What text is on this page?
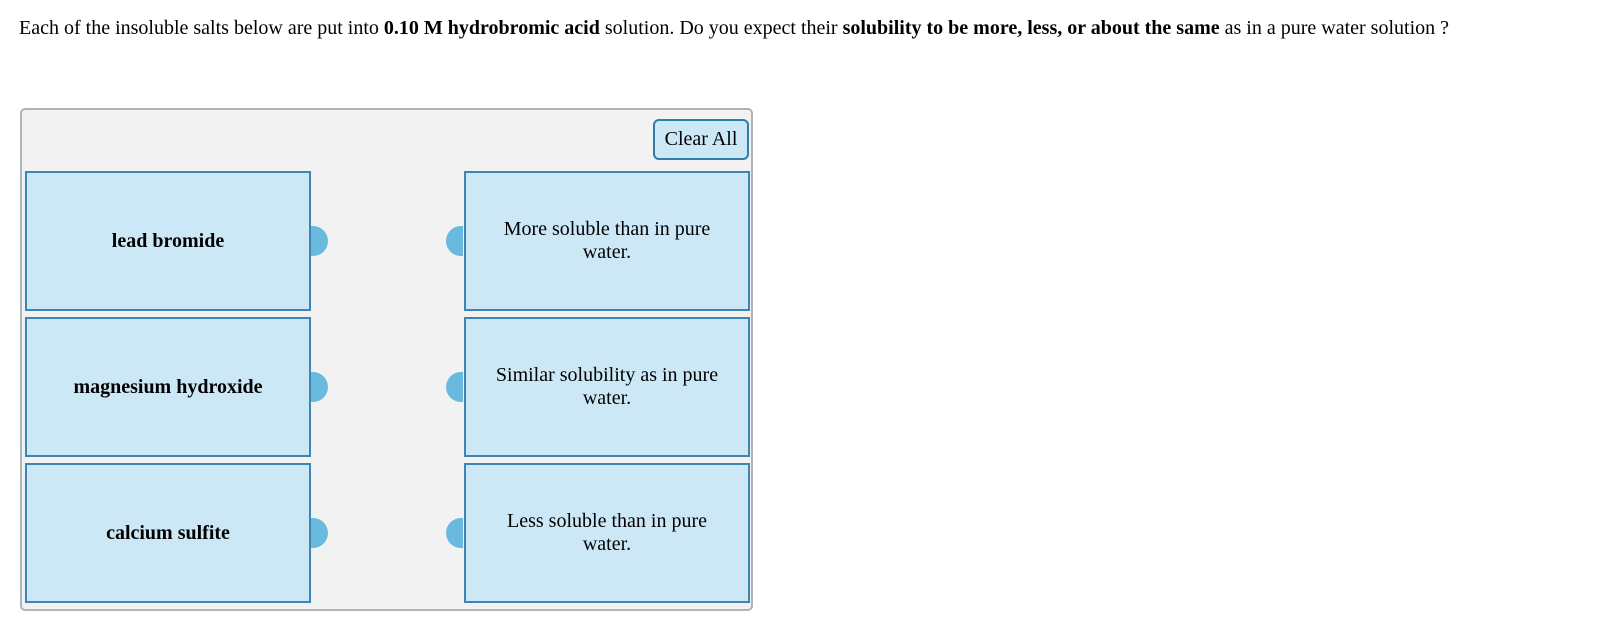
Each of the insoluble salts below are put into 0.10 M hydrobromic acid solution. Do you expect their solubility to be more, less, or about the same as in a pure water solution ?
Clear All
lead bromide
magnesium hydroxide
calcium sulfite
More soluble than in pure water.
Similar solubility as in pure water.
Less soluble than in pure water.
